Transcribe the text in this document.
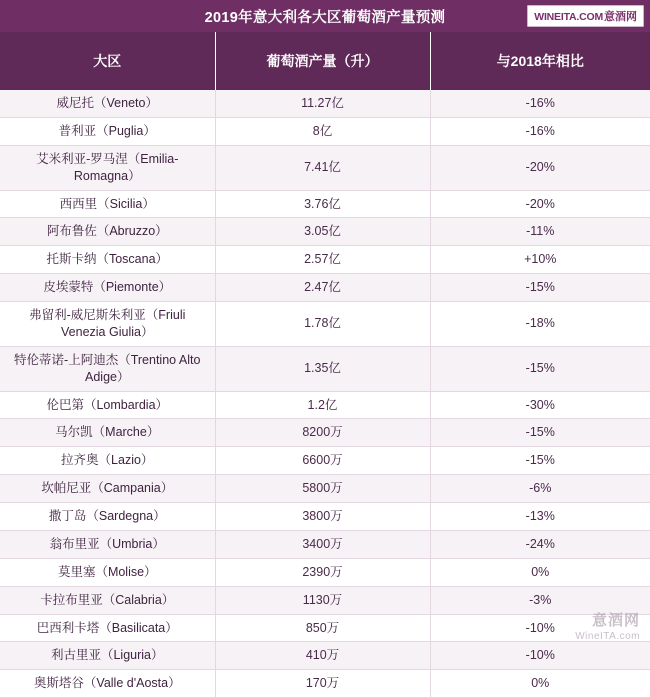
2019年意大利各大区葡萄酒产量预测	WINEITA.COM 意酒网
大区	葡萄酒产量（升）	与2018年相比
威尼托（Veneto）	11.27亿	-16%
普利亚（Puglia）	8亿	-16%
艾米利亚-罗马涅（Emilia-Romagna）	7.41亿	-20%
西西里（Sicilia）	3.76亿	-20%
阿布鲁佐（Abruzzo）	3.05亿	-11%
托斯卡纳（Toscana）	2.57亿	+10%
皮埃蒙特（Piemonte）	2.47亿	-15%
弗留利-威尼斯朱利亚（Friuli Venezia Giulia）	1.78亿	-18%
特伦蒂诺-上阿迪杰（Trentino Alto Adige）	1.35亿	-15%
伦巴第（Lombardia）	1.2亿	-30%
马尔凯（Marche）	8200万	-15%
拉齐奥（Lazio）	6600万	-15%
坎帕尼亚（Campania）	5800万	-6%
撒丁岛（Sardegna）	3800万	-13%
翁布里亚（Umbria）	3400万	-24%
莫里塞（Molise）	2390万	0%
卡拉布里亚（Calabria）	1130万	-3%
巴西利卡塔（Basilicata）	850万	-10%
利古里亚（Liguria）	410万	-10%
奥斯塔谷（Valle d'Aosta）	170万	0%
意酒网
WineITA.com
